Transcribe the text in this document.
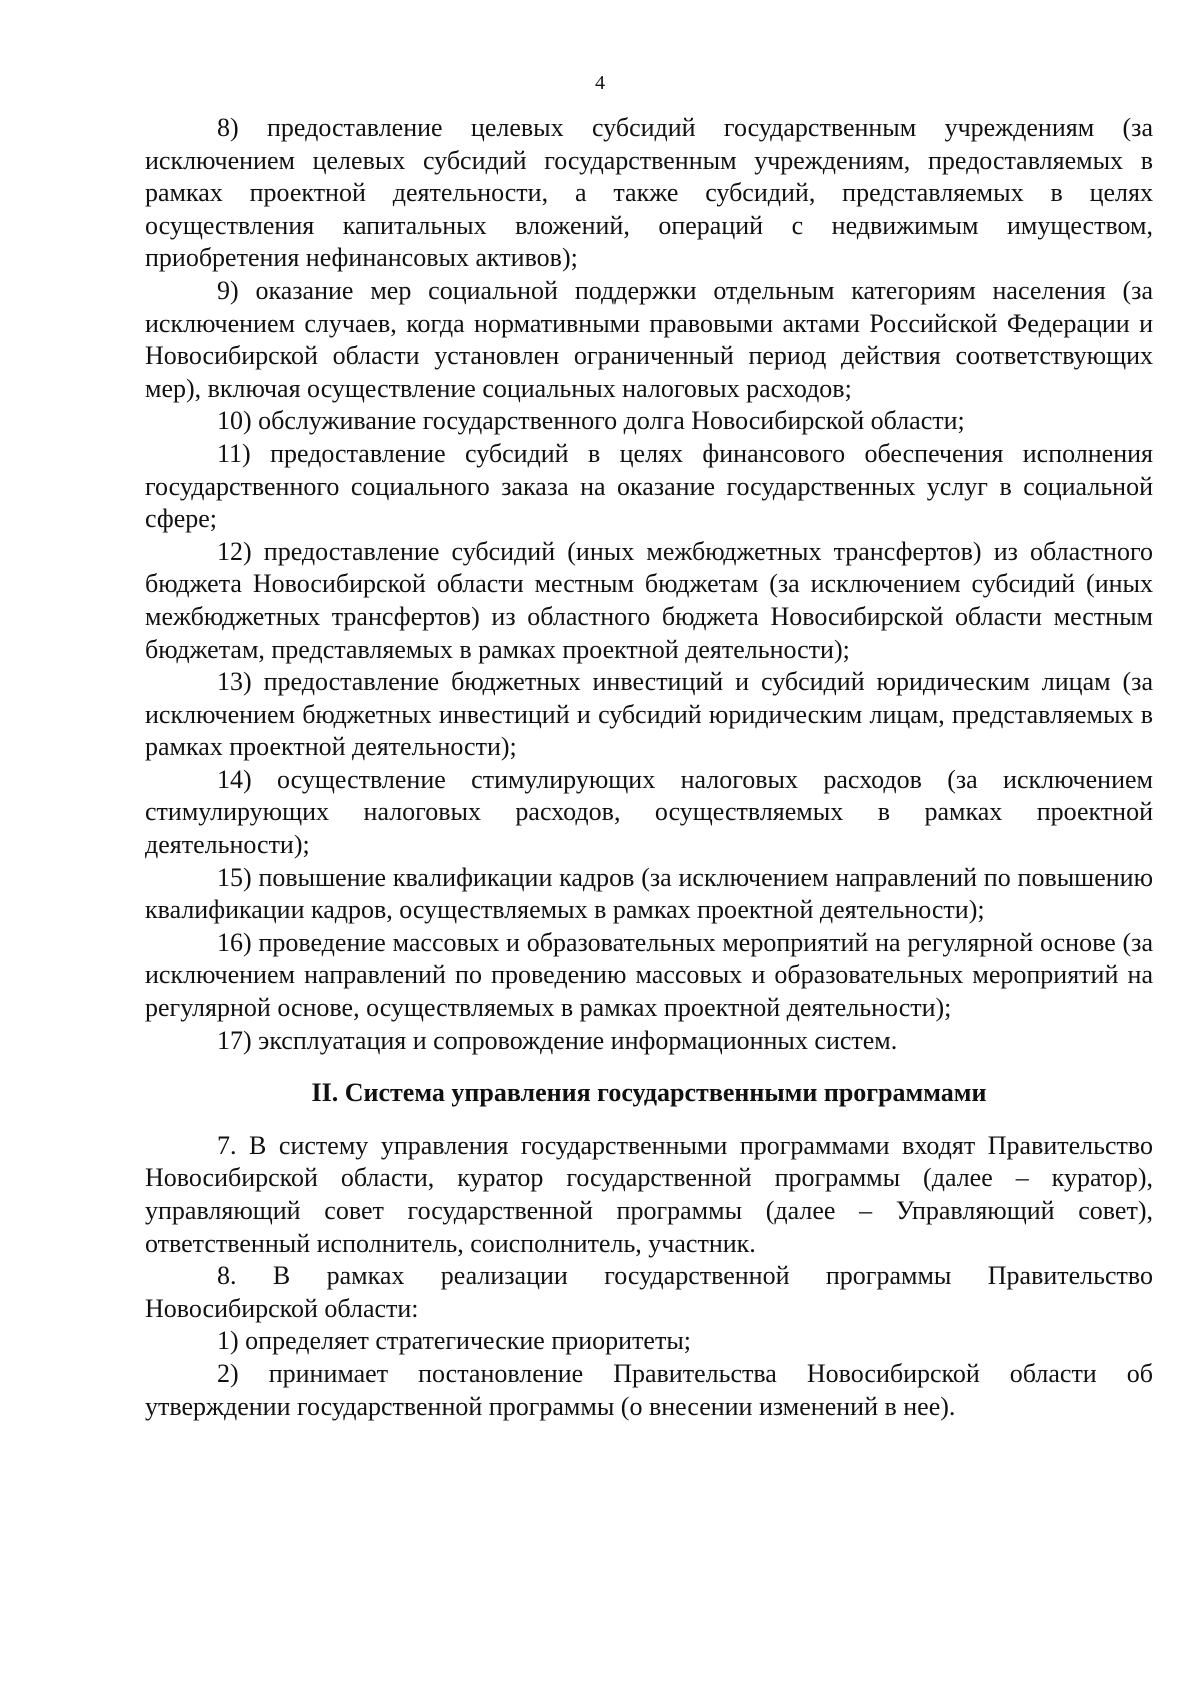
4

8) предоставление целевых субсидий государственным учреждениям (за исключением целевых субсидий государственным учреждениям, предоставляемых в рамках проектной деятельности, а также субсидий, представляемых в целях осуществления капитальных вложений, операций с недвижимым имуществом, приобретения нефинансовых активов);

9) оказание мер социальной поддержки отдельным категориям населения (за исключением случаев, когда нормативными правовыми актами Российской Федерации и Новосибирской области установлен ограниченный период действия соответствующих мер), включая осуществление социальных налоговых расходов;

10) обслуживание государственного долга Новосибирской области;

11) предоставление субсидий в целях финансового обеспечения исполнения государственного социального заказа на оказание государственных услуг в социальной сфере;

12) предоставление субсидий (иных межбюджетных трансфертов) из областного бюджета Новосибирской области местным бюджетам (за исключением субсидий (иных межбюджетных трансфертов) из областного бюджета Новосибирской области местным бюджетам, представляемых в рамках проектной деятельности);

13) предоставление бюджетных инвестиций и субсидий юридическим лицам (за исключением бюджетных инвестиций и субсидий юридическим лицам, представляемых в рамках проектной деятельности);

14) осуществление стимулирующих налоговых расходов (за исключением стимулирующих налоговых расходов, осуществляемых в рамках проектной деятельности);

15) повышение квалификации кадров (за исключением направлений по повышению квалификации кадров, осуществляемых в рамках проектной деятельности);

16) проведение массовых и образовательных мероприятий на регулярной основе (за исключением направлений по проведению массовых и образовательных мероприятий на регулярной основе, осуществляемых в рамках проектной деятельности);

17) эксплуатация и сопровождение информационных систем.

II. Система управления государственными программами

7. В систему управления государственными программами входят Правительство Новосибирской области, куратор государственной программы (далее – куратор), управляющий совет государственной программы (далее – Управляющий совет), ответственный исполнитель, соисполнитель, участник.

8. В рамках реализации государственной программы Правительство Новосибирской области:

1) определяет стратегические приоритеты;

2) принимает постановление Правительства Новосибирской области об утверждении государственной программы (о внесении изменений в нее).
